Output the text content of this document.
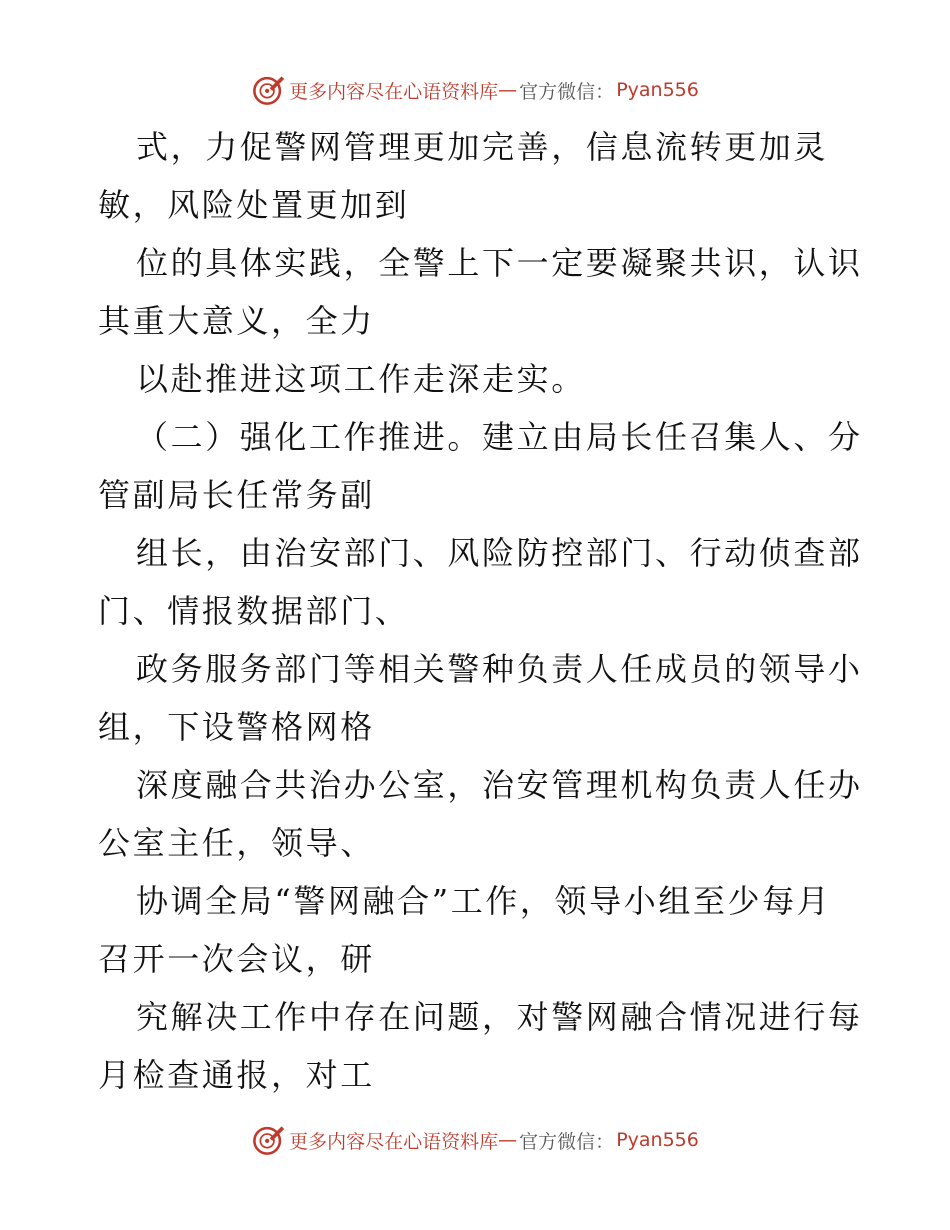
更多内容尽在心语资料库 — 官方微信： Pyan556
式，力促警网管理更加完善，信息流转更加灵
敏，风险处置更加到
位的具体实践，全警上下一定要凝聚共识，认识
其重大意义，全力
以赴推进这项工作走深走实。
（二）强化工作推进。建立由局长任召集人、分
管副局长任常务副
组长，由治安部门、风险防控部门、行动侦查部
门、情报数据部门、
政务服务部门等相关警种负责人任成员的领导小
组，下设警格网格
深度融合共治办公室，治安管理机构负责人任办
公室主任，领导、
协调全局“警网融合”工作，领导小组至少每月
召开一次会议，研
究解决工作中存在问题，对警网融合情况进行每
月检查通报，对工
更多内容尽在心语资料库 — 官方微信： Pyan556
